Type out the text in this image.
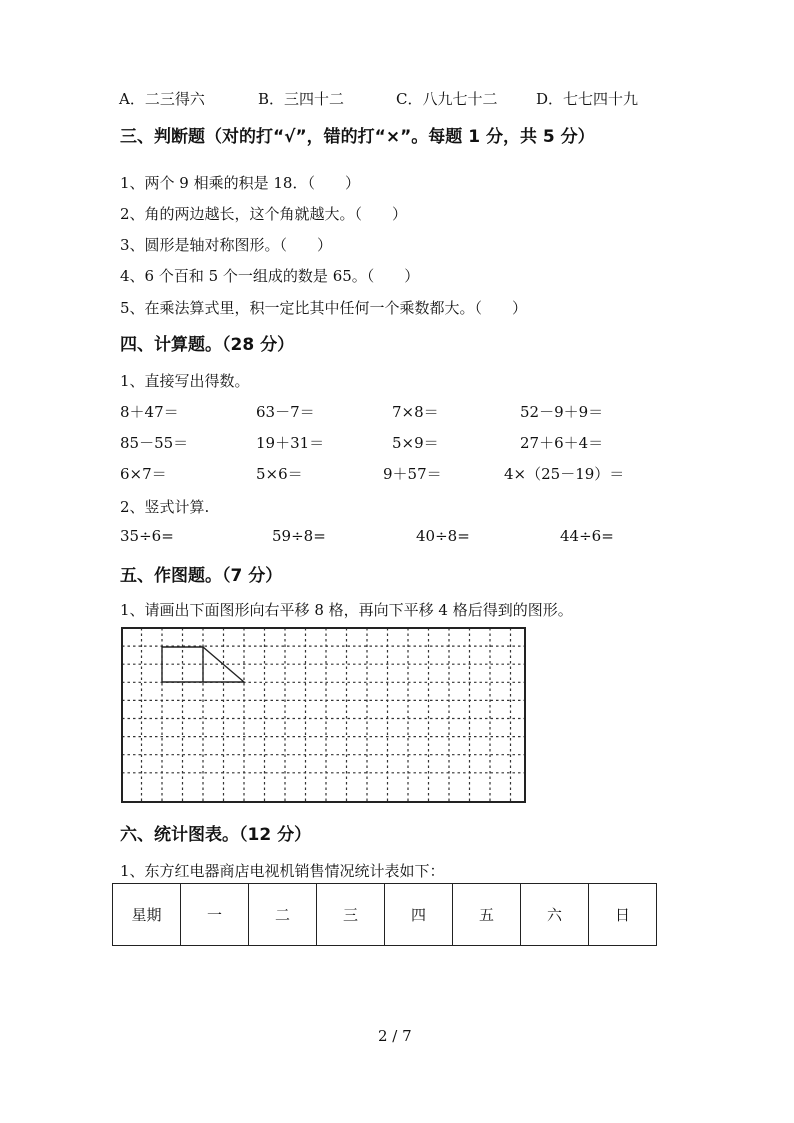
A．二三得六	B．三四十二	C．八九七十二	D．七七四十九
三、判断题（对的打“√”，错的打“×”。每题 1 分，共 5 分）
1、两个 9 相乘的积是 18．（　　）
2、角的两边越长，这个角就越大。（　　）
3、圆形是轴对称图形。（　　）
4、6 个百和 5 个一组成的数是 65。（　　）
5、在乘法算式里，积一定比其中任何一个乘数都大。（　　）
四、计算题。（28 分）
1、直接写出得数。
8＋47＝	63－7＝	7×8＝	52－9＋9＝
85－55＝	19＋31＝	5×9＝	27＋6＋4＝
6×7＝	5×6＝	9＋57＝	4×（25－19）＝
2、竖式计算.
35÷6=	59÷8=	40÷8=	44÷6=
五、作图题。（7 分）
1、请画出下面图形向右平移 8 格，再向下平移 4 格后得到的图形。
六、统计图表。（12 分）
1、东方红电器商店电视机销售情况统计表如下：
星期	一	二	三	四	五	六	日
2 / 7
